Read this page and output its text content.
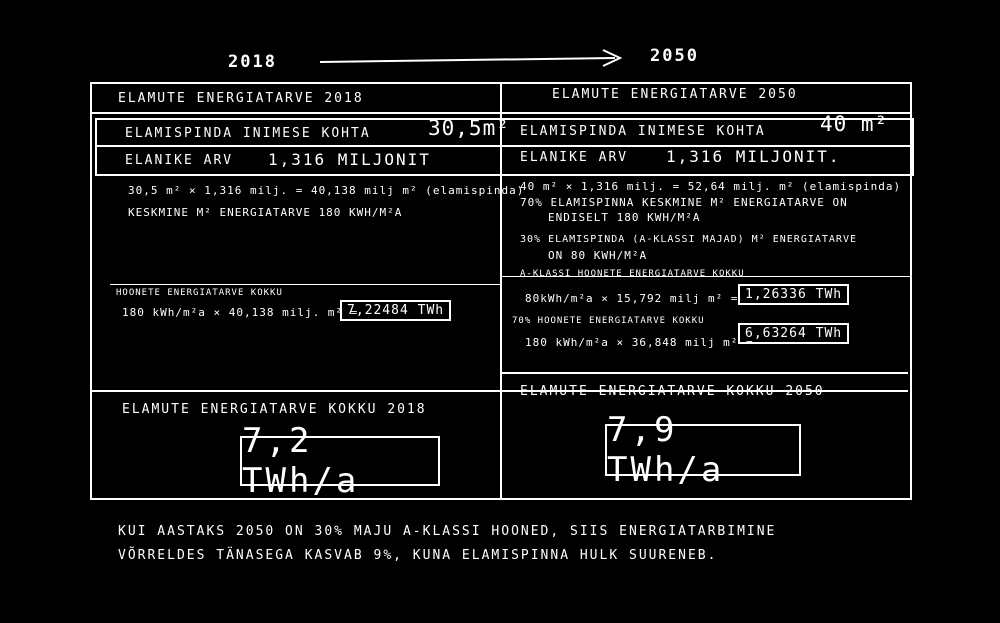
2018	2050
ELAMUTE ENERGIATARVE 2018	ELAMUTE ENERGIATARVE 2050
ELAMISPINDA INIMESE KOHTA	30,5m²
ELANIKE ARV 1,316 MILJONIT
ELAMISPINDA INIMESE KOHTA	40 m²
ELANIKE ARV 1,316 MILJONIT.
30,5 m² × 1,316 milj. = 40,138 milj m² (elamispinda)
KESKMINE M² ENERGIATARVE 180 KWH/M²A
40 m² × 1,316 milj. = 52,64 milj. m² (elamispinda)
70% ELAMISPINNA KESKMINE M² ENERGIATARVE ON
ENDISELT 180 KWH/M²A
30% ELAMISPINDA (A-KLASSI MAJAD) M² ENERGIATARVE
ON 80 KWH/M²A
HOONETE ENERGIATARVE KOKKU
180 kWh/m²a × 40,138 milj. m² =
7,22484 TWh
A-KLASSI HOONETE ENERGIATARVE KOKKU
80kWh/m²a × 15,792 milj m² = 1,26336 TWh
70% HOONETE ENERGIATARVE KOKKU
180 kWh/m²a × 36,848 milj m² =
6,63264 TWh
ELAMUTE ENERGIATARVE KOKKU 2018
ELAMUTE ENERGIATARVE KOKKU 2050
7,2 TWh/a
7,9 TWh/a
KUI AASTAKS 2050 ON 30% MAJU A-KLASSI HOONED, SIIS ENERGIATARBIMINE
VÕRRELDES TÄNASEGA KASVAB 9%, KUNA ELAMISPINNA HULK SUURENEB.
